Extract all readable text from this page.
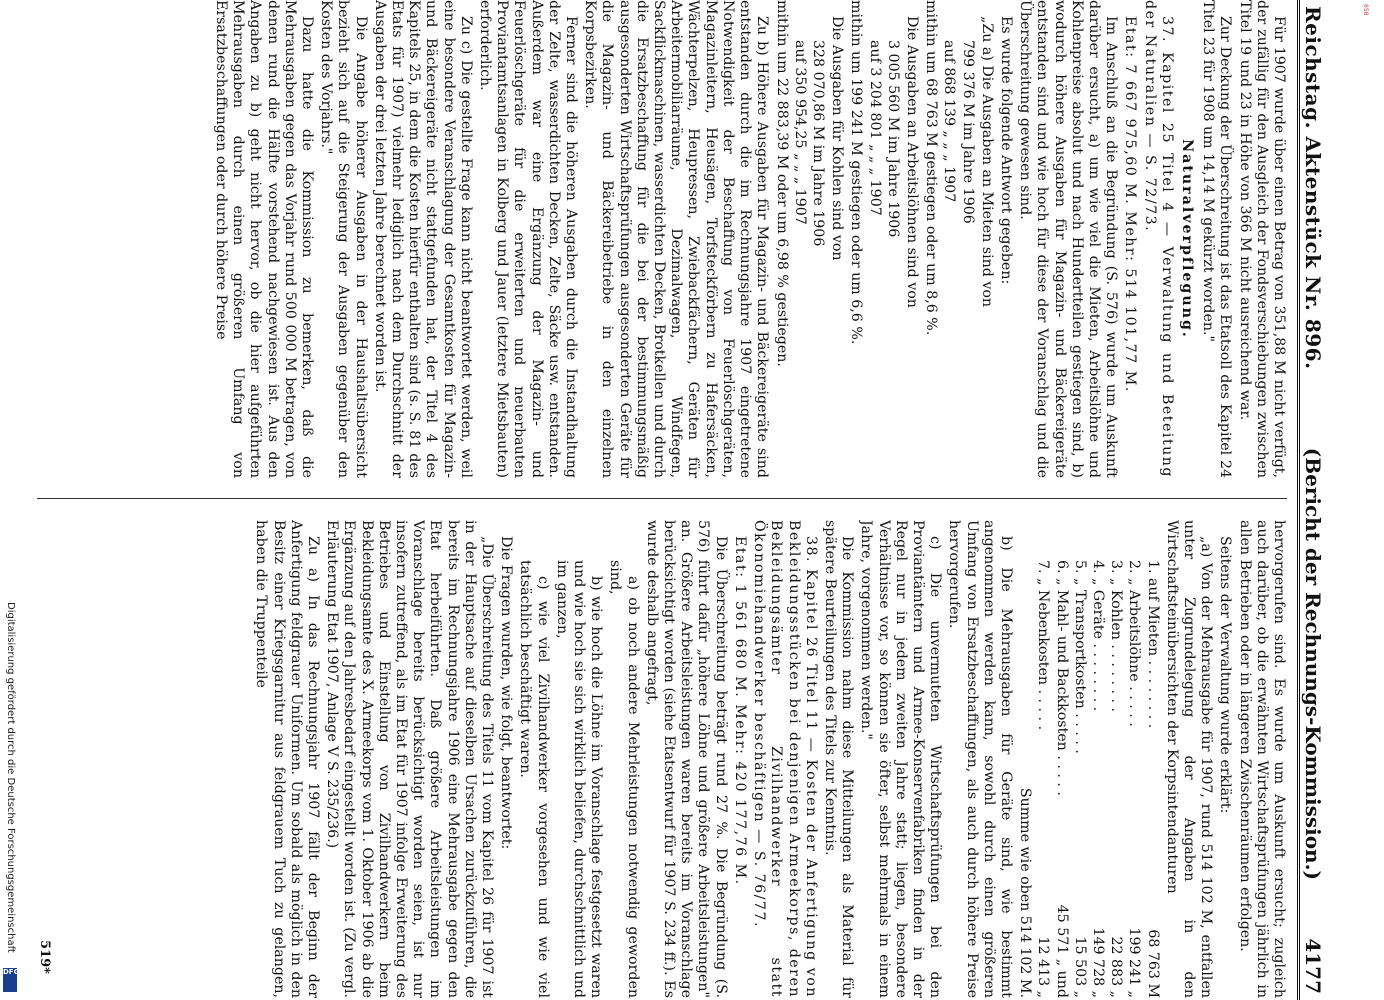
Digitalisierung gefördert durch die Deutsche Forschungsgemeinschaft
DFG
858
Reichstag. Aktenstück Nr. 896.
(Bericht der Rechnungs-Kommission.)
4177

Für 1907 wurde über einen Betrag von 351,88 M nicht verfügt, der zufällig für den Ausgleich der Fondsverschiebungen zwischen Titel 19 und 23 in Höhe von 366 M nicht ausreichend war.

Zur Deckung der Überschreitung ist das Etatsoll des Kapitel 24 Titel 23 für 1908 um 14,14 M gekürzt worden."

Naturalverpflegung.

37. Kapitel 25 Titel 4 — Verwaltung und Beteitung der Naturalien — S. 72/73.

Etat: 7 667 975,60 M. Mehr: 514 101,77 M.

Im Anschluß an die Begründung (S. 576) wurde um Auskunft darüber ersucht, a) um wie viel die Mieten, Arbeitslöhne und Kohlenpreise absolut und nach Hundertteilen gestiegen sind, b) wodurch höhere Ausgaben für Magazin- und Bäckereigeräte entstanden sind und wie hoch für diese der Voranschlag und die Überschreitung gewesen sind.

Es wurde folgende Antwort gegeben:

„Zu a) Die Ausgaben an Mieten sind von

799 376 M im Jahre 1906
auf 868 139 „ „ „ 1907

mithin um 68 763 M gestiegen oder um 8,6 %.

Die Ausgaben an Arbeitslöhnen sind von

3 005 560 M im Jahre 1906
auf 3 204 801 „ „ „ 1907

mithin um 199 241 M gestiegen oder um 6,6 %.

Die Ausgaben für Kohlen sind von

328 070,86 M im Jahre 1906
auf 350 954,25 „ „ „ 1907

mithin um 22 883,39 M oder um 6,98 % gestiegen.

Zu b) Höhere Ausgaben für Magazin- und Bäckereigeräte sind entstanden durch die im Rechnungsjahre 1907 eingetretene Notwendigkeit der Beschaffung von Feuerlöschgeräten, Magazinleitern, Heusägen, Torfsteckförbern zu Hafersäcken, Wächterpelzen, Heupressen, Zwiebackfächern, Geräten für Arbeitermobiliarräume, Dezimalwagen, Windfegen, Sackflickmaschinen, wasserdichten Decken, Brotkellen und durch die Ersatzbeschaffung für die bei der bestimmungsmäßig ausgesonderten Wirtschaftsprüfungen ausgesonderten Geräte für die Magazin- und Bäckereibetriebe in den einzelnen Korpsbezirken.

Ferner sind die höheren Ausgaben durch die Instandhaltung der Zelte, wasserdichten Decken, Zelte, Säcke usw. entstanden. Außerdem war eine Ergänzung der Magazin- und Feuerlöschgeräte für die erweiterten und neuerbauten Proviantamtsanlagen in Kolberg und Jauer (letztere Mietsbauten) erforderlich.

Zu c) Die gestellte Frage kann nicht beantwortet werden, weil eine besondere Veranschlagung der Gesamtkosten für Magazin- und Bäckereigeräte nicht stattgefunden hat, der Titel 4 des Kapitels 25, in dem die Kosten hierfür enthalten sind (s. S. 81 des Etats für 1907) vielmehr lediglich nach dem Durchschnitt der Ausgaben der drei letzten Jahre berechnet worden ist.

Die Angabe höherer Ausgaben in der Haushaltsübersicht bezieht sich auf die Steigerung der Ausgaben gegenüber den Kosten des Vorjahrs."

Dazu hatte die Kommission zu bemerken, daß die Mehrausgaben gegen das Vorjahr rund 500 000 M betragen, von denen rund die Hälfte vorstehend nachgewiesen ist. Aus den Angaben zu b) geht nicht hervor, ob die hier aufgeführten Mehrausgaben durch einen größeren Umfang von Ersatzbeschaffungen oder durch höhere Preise

hervorgerufen sind. Es wurde um Auskunft ersucht; zugleich auch darüber, ob die erwähnten Wirtschaftsprüfungen jährlich in allen Betrieben oder in längeren Zwischenräumen erfolgen.

Seitens der Verwaltung wurde erklärt:

„a) Von der Mehrausgabe für 1907, rund 514 102 M, entfallen unter Zugrundelegung der Angaben in den Wirtschaftsteinübersichten der Korpsintendanturen

1. auf Mieten . . . . . . . .
68 763 M
2. „ Arbeitslöhne . . . . .
199 241 „
3. „ Kohlen . . . . . . . .
22 883 „
4. „ Geräte . . . . . . . .
149 728 „
5. „ Transportkosten . . . . .
15 503 „
6. „ Mahl- und Backkosten . . . . .
45 571 „ und
7. „ Nebenkosten . . . . .
12 413 „

Summe wie oben 514 102 M.

b) Die Mehrausgaben für Geräte sind, wie bestimmt angenommen werden kann, sowohl durch einen größeren Umfang von Ersatzbeschaffungen, als auch durch höhere Preise hervorgerufen.

c) Die unvermuteten Wirtschaftsprüfungen bei den Proviantämtern und Armee-Konservenfabriken finden in der Regel nur in jedem zweiten Jahre statt; liegen, besondere Verhältnisse vor, so können sie öfter, selbst mehrmals in einem Jahre, vorgenommen werden."

Die Kommission nahm diese Mitteilungen als Material für spätere Beurteilungen des Titels zur Kenntnis.

38. Kapitel 26 Titel 11 — Kosten der Anfertigung von Bekleidungsstücken bei denjenigen Armeekorps, deren Bekleidungsämter Zivilhandwerker statt Ökonomiehandwerker beschäftigen — S. 76/77.

Etat: 1 561 680 M. Mehr: 420 177,76 M.

Die Überschreitung beträgt rund 27 %. Die Begründung (S. 576) führt dafür „höhere Löhne und größere Arbeitsleistungen" an. Größere Arbeitsleistungen waren bereits im Voranschlage berücksichtigt worden (siehe Etatsentwurf für 1907 S. 234 ff.). Es wurde deshalb angefragt,

a) ob noch andere Mehrleistungen notwendig geworden sind,

b) wie hoch die Löhne im Voranschlage festgesetzt waren und wie hoch sie sich wirklich beliefen, durchschnittlich und im ganzen,

c) wie viel Zivilhandwerker vorgesehen und wie viel tatsächlich beschäftigt waren.

Die Fragen wurden, wie folgt, beantwortet:

„Die Überschreitung des Titels 11 vom Kapitel 26 für 1907 ist in der Hauptsache auf dieselben Ursachen zurückzuführen, die bereits im Rechnungsjahre 1906 eine Mehrausgabe gegen den Etat herbeiführten. Daß größere Arbeitsleistungen im Voranschlage bereits berücksichtigt worden seien, ist nur insofern zutreffend, als im Etat für 1907 infolge Erweiterung des Betriebes und Einstellung von Zivilhandwerkern beim Bekleidungsamte des X. Armeekorps vom 1. Oktober 1906 ab die Ergänzung auf den Jahresbedarf eingestellt worden ist. (Zu vergl. Erläuterung Etat 1907, Anlage V S. 235/236.)

Zu a) In das Rechnungsjahr 1907 fällt der Beginn der Anfertigung feldgrauer Uniformen. Um sobald als möglich in den Besitz einer Kriegsgarnitur aus feldgrauem Tuch zu gelangen, haben die Truppenteile

519*
